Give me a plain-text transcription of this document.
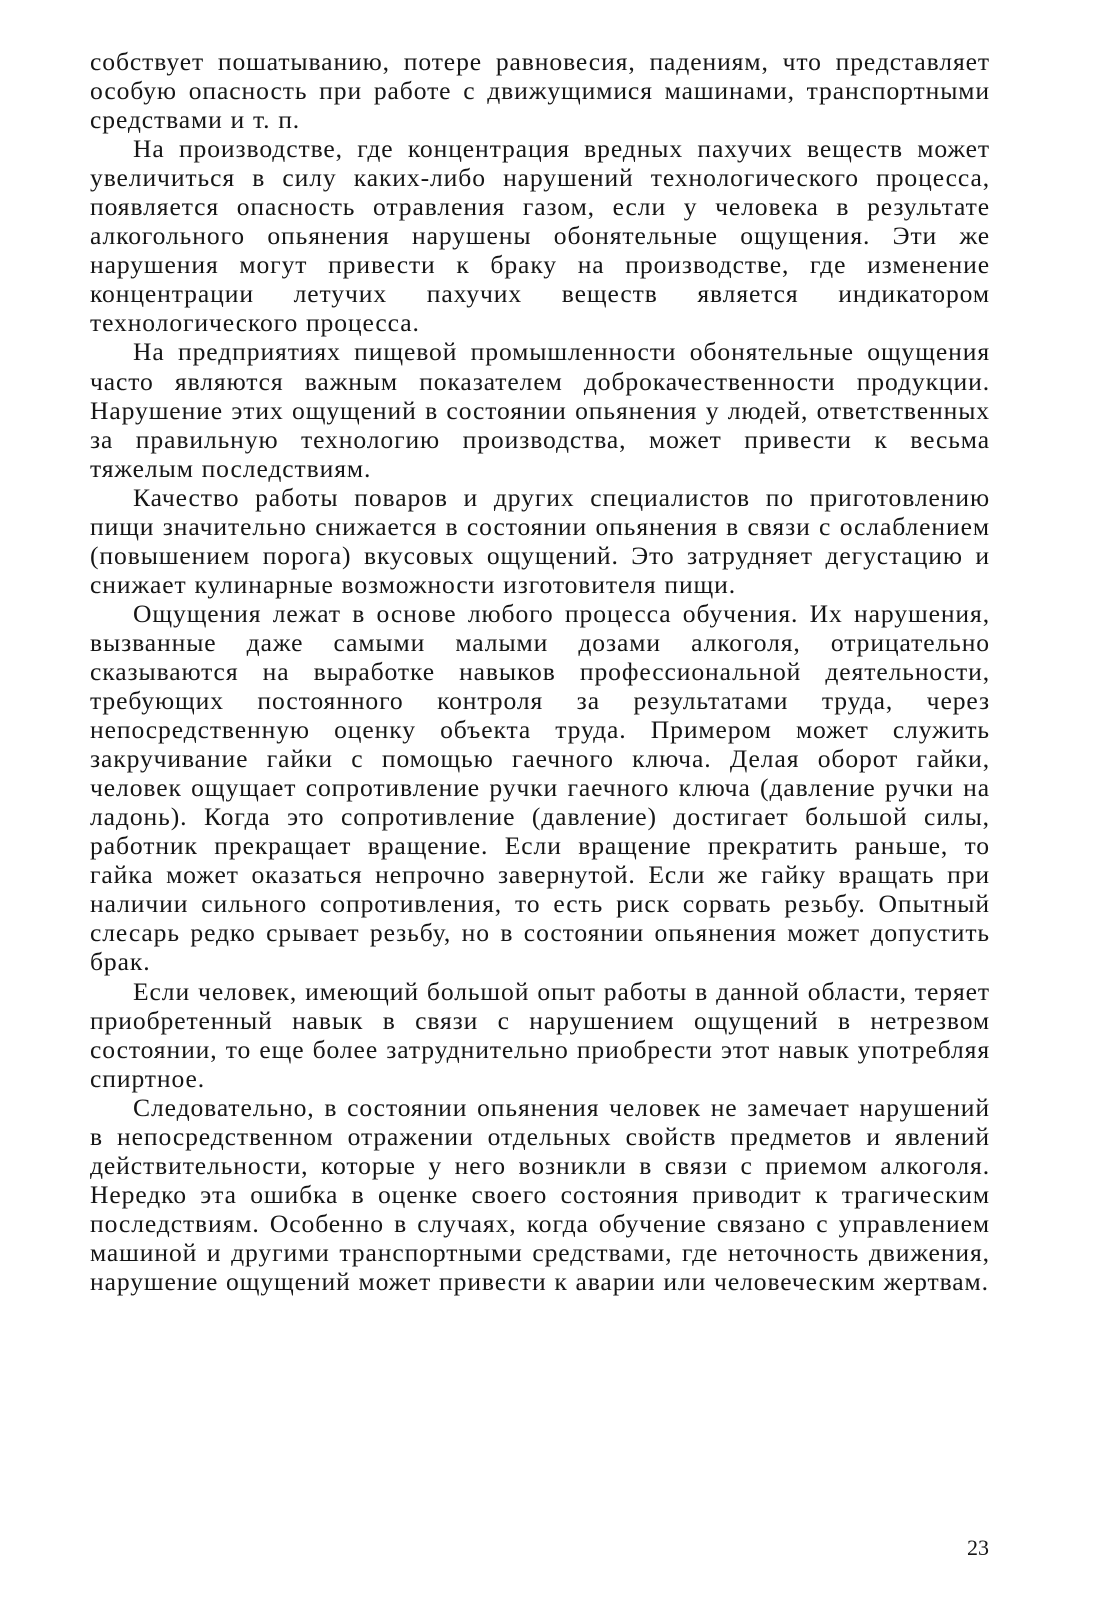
собствует пошатыванию, потере равновесия, падениям, что представляет особую опасность при работе с движущимися машинами, транспортными средствами и т. п.

На производстве, где концентрация вредных пахучих веществ может увеличиться в силу каких-либо нарушений технологического процесса, появляется опасность отравления газом, если у человека в результате алкогольного опьянения нарушены обонятельные ощущения. Эти же нарушения могут привести к браку на производстве, где изменение концентрации летучих пахучих веществ является индикатором технологического процесса.

На предприятиях пищевой промышленности обонятельные ощущения часто являются важным показателем доброкачественности продукции. Нарушение этих ощущений в состоянии опьянения у людей, ответственных за правильную технологию производства, может привести к весьма тяжелым последствиям.

Качество работы поваров и других специалистов по приготовлению пищи значительно снижается в состоянии опьянения в связи с ослаблением (повышением порога) вкусовых ощущений. Это затрудняет дегустацию и снижает кулинарные возможности изготовителя пищи.

Ощущения лежат в основе любого процесса обучения. Их нарушения, вызванные даже самыми малыми дозами алкоголя, отрицательно сказываются на выработке навыков профессиональной деятельности, требующих постоянного контроля за результатами труда, через непосредственную оценку объекта труда. Примером может служить закручивание гайки с помощью гаечного ключа. Делая оборот гайки, человек ощущает сопротивление ручки гаечного ключа (давление ручки на ладонь). Когда это сопротивление (давление) достигает большой силы, работник прекращает вращение. Если вращение прекратить раньше, то гайка может оказаться непрочно завернутой. Если же гайку вращать при наличии сильного сопротивления, то есть риск сорвать резьбу. Опытный слесарь редко срывает резьбу, но в состоянии опьянения может допустить брак.

Если человек, имеющий большой опыт работы в данной области, теряет приобретенный навык в связи с нарушением ощущений в нетрезвом состоянии, то еще более затруднительно приобрести этот навык употребляя спиртное.

Следовательно, в состоянии опьянения человек не замечает нарушений в непосредственном отражении отдельных свойств предметов и явлений действительности, которые у него возникли в связи с приемом алкоголя. Нередко эта ошибка в оценке своего состояния приводит к трагическим последствиям. Особенно в случаях, когда обучение связано с управлением машиной и другими транспортными средствами, где неточность движения, нарушение ощущений может привести к аварии или человеческим жертвам.

23
